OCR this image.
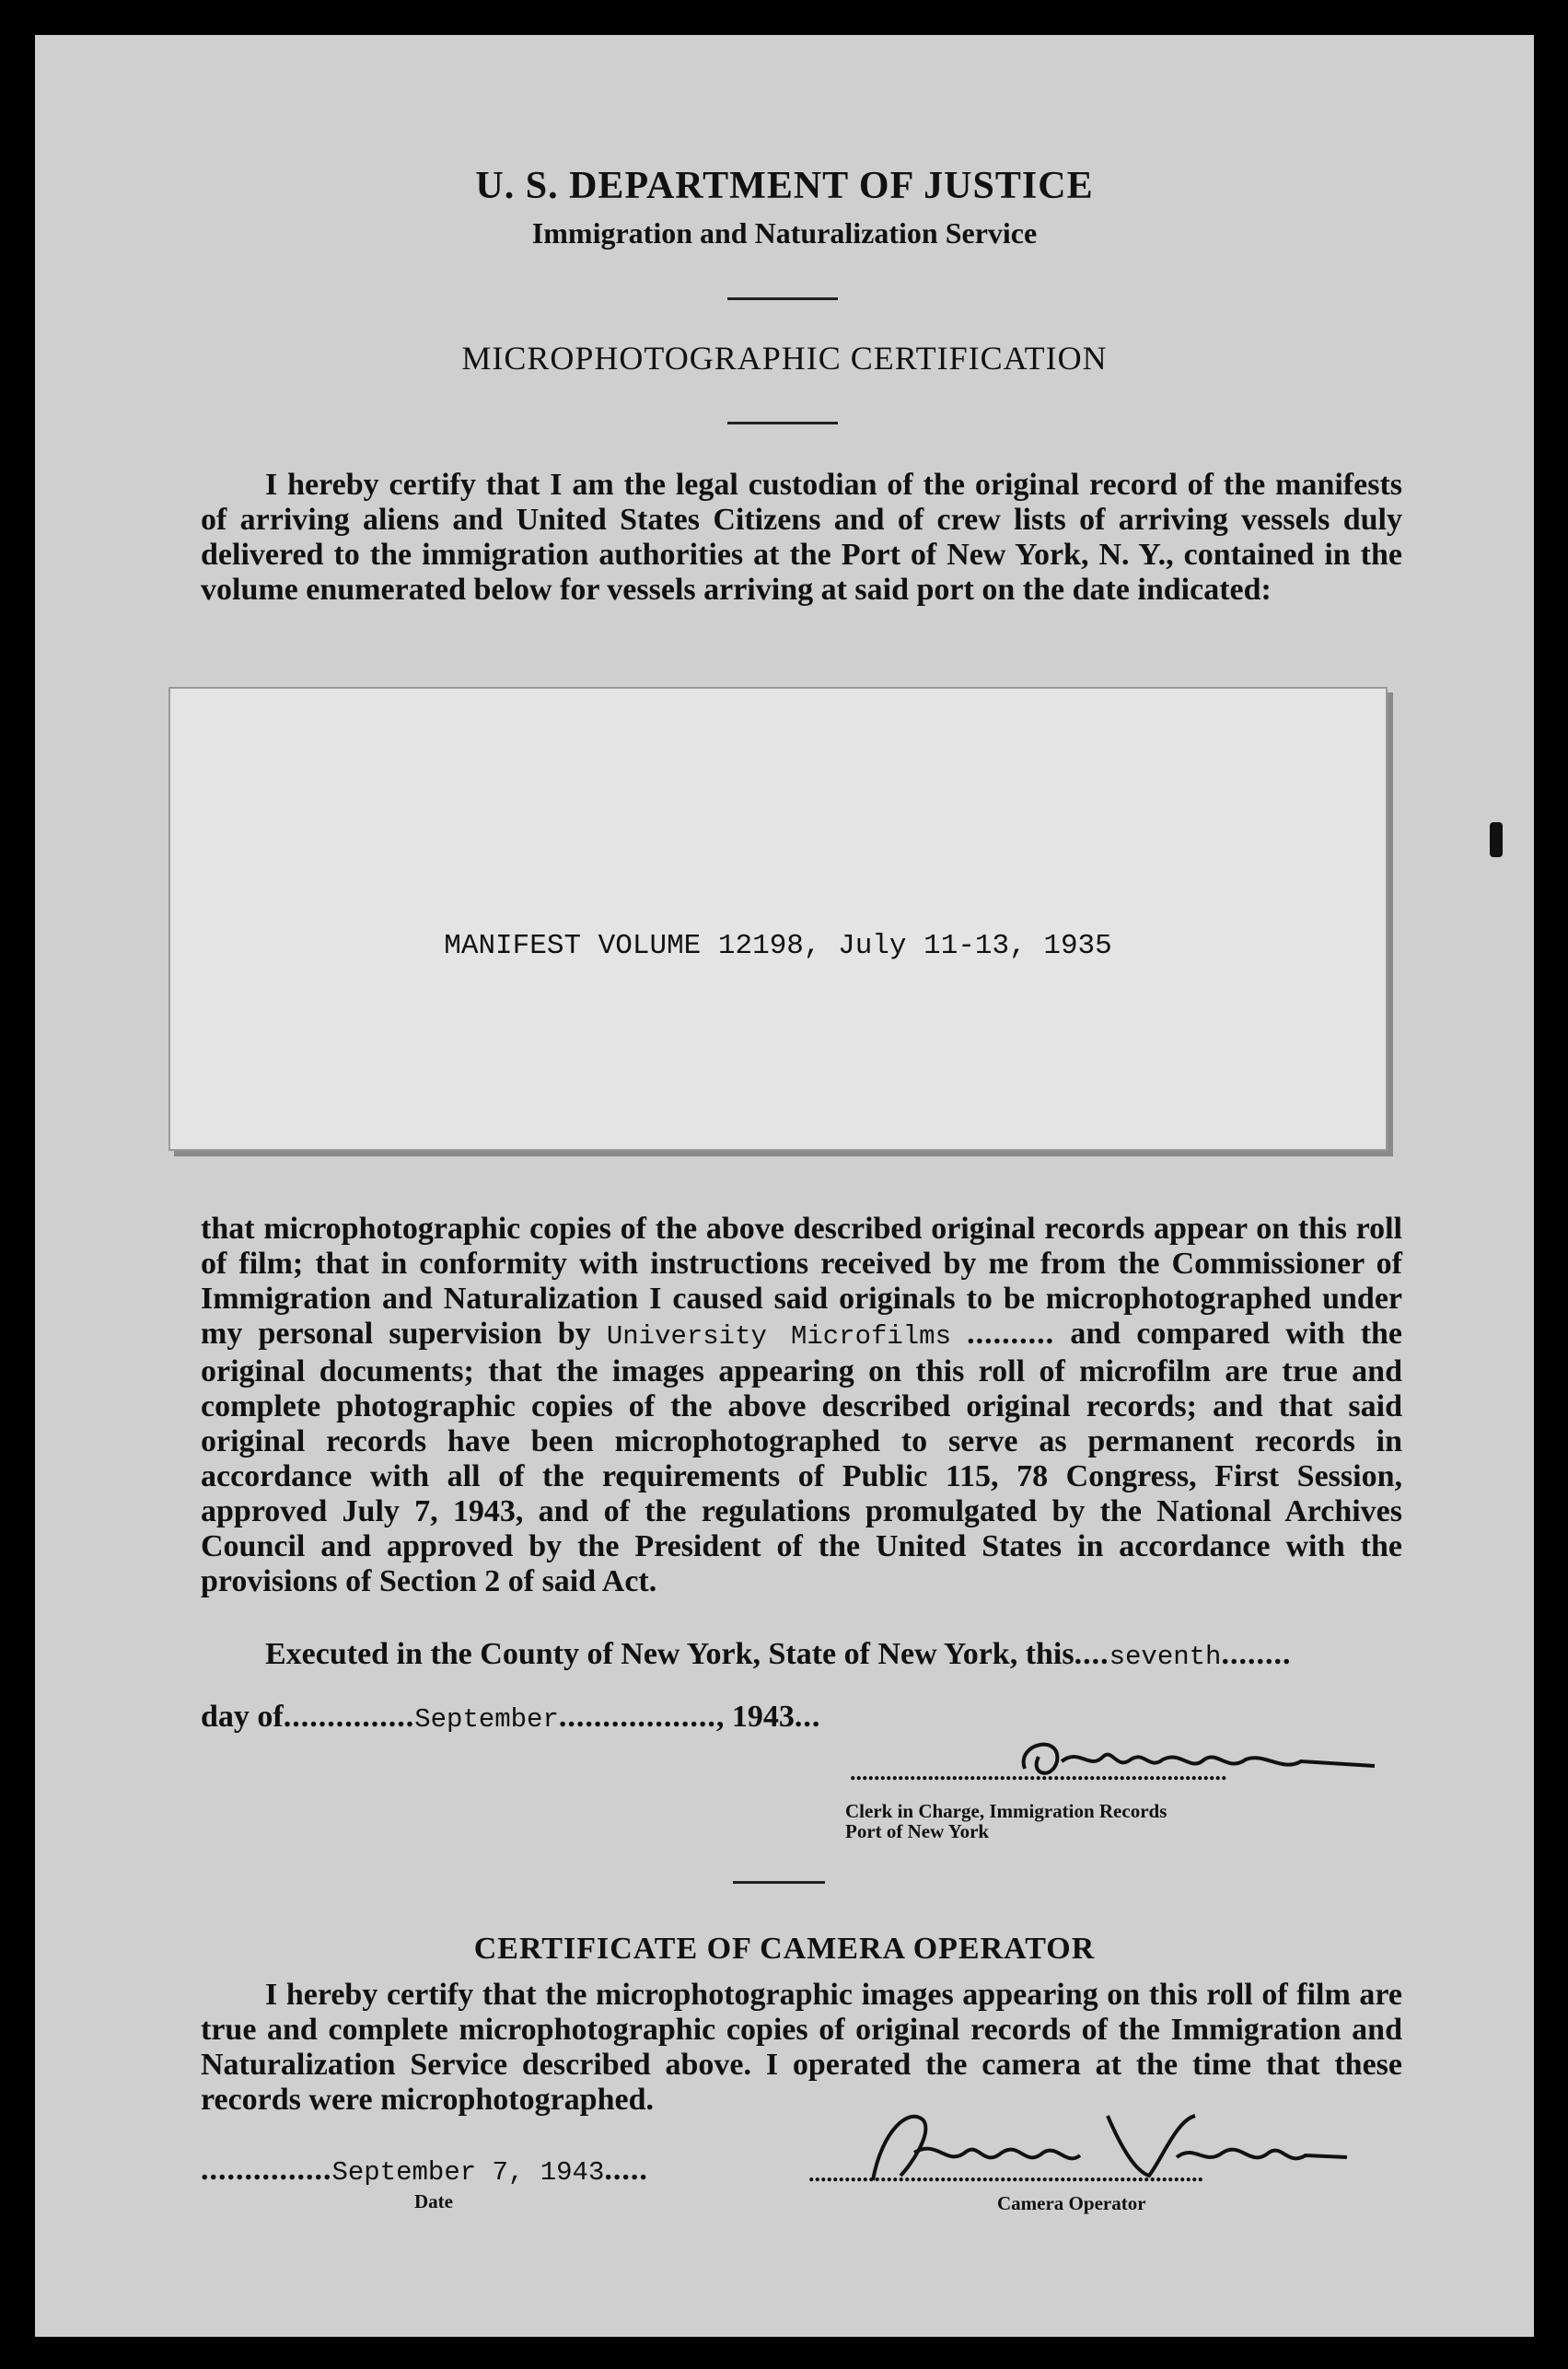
U. S. DEPARTMENT OF JUSTICE
Immigration and Naturalization Service
MICROPHOTOGRAPHIC CERTIFICATION

I hereby certify that I am the legal custodian of the original record of the manifests of arriving aliens and United States Citizens and of crew lists of arriving vessels duly delivered to the immigration authorities at the Port of New York, N. Y., contained in the volume enumerated below for vessels arriving at said port on the date indicated:

MANIFEST VOLUME 12198, July 11-13, 1935

that microphotographic copies of the above described original records appear on this roll of film; that in conformity with instructions received by me from the Commissioner of Immigration and Naturalization I caused said originals to be microphotographed under my personal supervision by University Microfilms .......... and compared with the original documents; that the images appearing on this roll of microfilm are true and complete photographic copies of the above described original records; and that said original records have been microphotographed to serve as permanent records in accordance with all of the requirements of Public 115, 78 Congress, First Session, approved July 7, 1943, and of the regulations promulgated by the National Archives Council and approved by the President of the United States in accordance with the provisions of Section 2 of said Act.

Executed in the County of New York, State of New York, this....seventh........
day of...............September.................., 1943...
...............................................................
Clerk in Charge, Immigration Records
Port of New York
CERTIFICATE OF CAMERA OPERATOR

I hereby certify that the microphotographic images appearing on this roll of film are true and complete microphotographic copies of original records of the Immigration and Naturalization Service described above. I operated the camera at the time that these records were microphotographed.

...............September 7, 1943.....
Date
..................................................................
Camera Operator
